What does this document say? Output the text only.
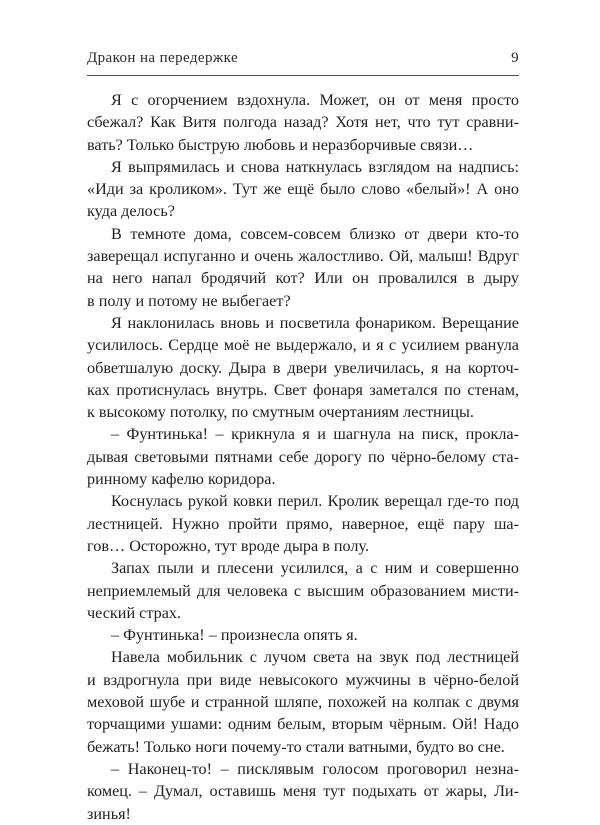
Дракон на передержке	9

Я с огорчением вздохнула. Может, он от меня просто
сбежал? Как Витя полгода назад? Хотя нет, что тут сравни-
вать? Только быструю любовь и неразборчивые связи…

Я выпрямилась и снова наткнулась взглядом на надпись:
«Иди за кроликом». Тут же ещё было слово «белый»! А оно
куда делось?

В темноте дома, совсем-совсем близко от двери кто-то
заверещал испуганно и очень жалостливо. Ой, малыш! Вдруг
на него напал бродячий кот? Или он провалился в дыру
в полу и потому не выбегает?

Я наклонилась вновь и посветила фонариком. Верещание
усилилось. Сердце моё не выдержало, и я с усилием рванула
обветшалую доску. Дыра в двери увеличилась, я на корточ-
ках протиснулась внутрь. Свет фонаря заметался по стенам,
к высокому потолку, по смутным очертаниям лестницы.

– Фунтинька! – крикнула я и шагнула на писк, прокла-
дывая световыми пятнами себе дорогу по чёрно-белому ста-
ринному кафелю коридора.

Коснулась рукой ковки перил. Кролик верещал где-то под
лестницей. Нужно пройти прямо, наверное, ещё пару ша-
гов… Осторожно, тут вроде дыра в полу.

Запах пыли и плесени усилился, а с ним и совершенно
неприемлемый для человека с высшим образованием мисти-
ческий страх.

– Фунтинька! – произнесла опять я.

Навела мобильник с лучом света на звук под лестницей
и вздрогнула при виде невысокого мужчины в чёрно-белой
меховой шубе и странной шляпе, похожей на колпак с двумя
торчащими ушами: одним белым, вторым чёрным. Ой! Надо
бежать! Только ноги почему-то стали ватными, будто во сне.

– Наконец-то! – писклявым голосом проговорил незна-
комец. – Думал, оставишь меня тут подыхать от жары, Ли-
зинья!
